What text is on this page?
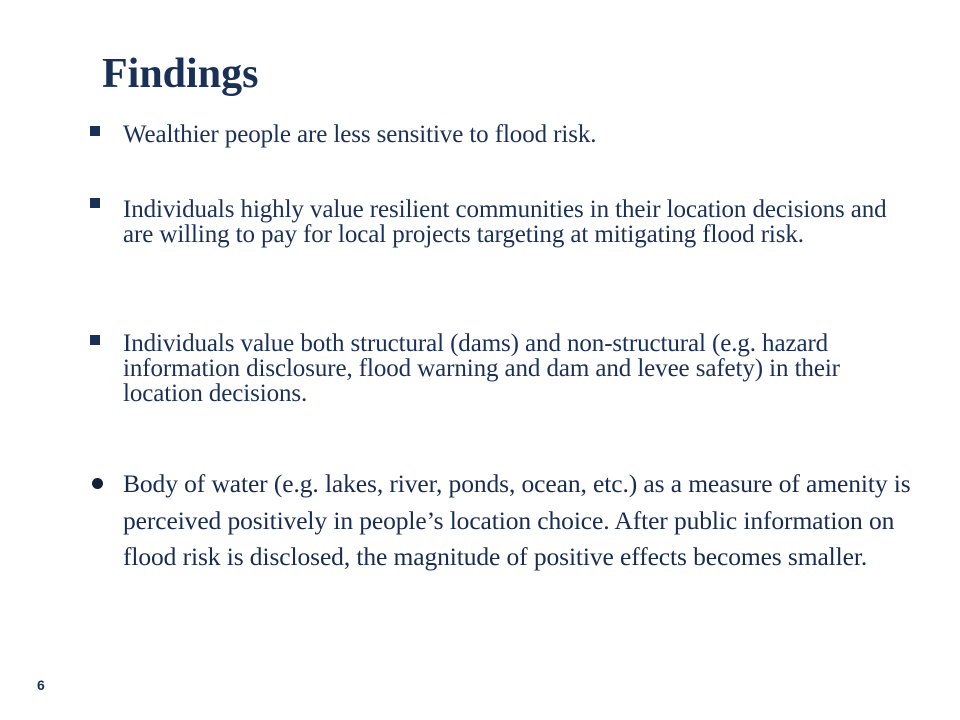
Findings
Wealthier people are less sensitive to flood risk.
Individuals highly value resilient communities in their location decisions and are willing to pay for local projects targeting at mitigating flood risk.
Individuals value both structural (dams) and non-structural (e.g. hazard information disclosure, flood warning and dam and levee safety) in their location decisions.
Body of water (e.g. lakes, river, ponds, ocean, etc.) as a measure of amenity is perceived positively in people’s location choice. After public information on flood risk is disclosed, the magnitude of positive effects becomes smaller.
6
